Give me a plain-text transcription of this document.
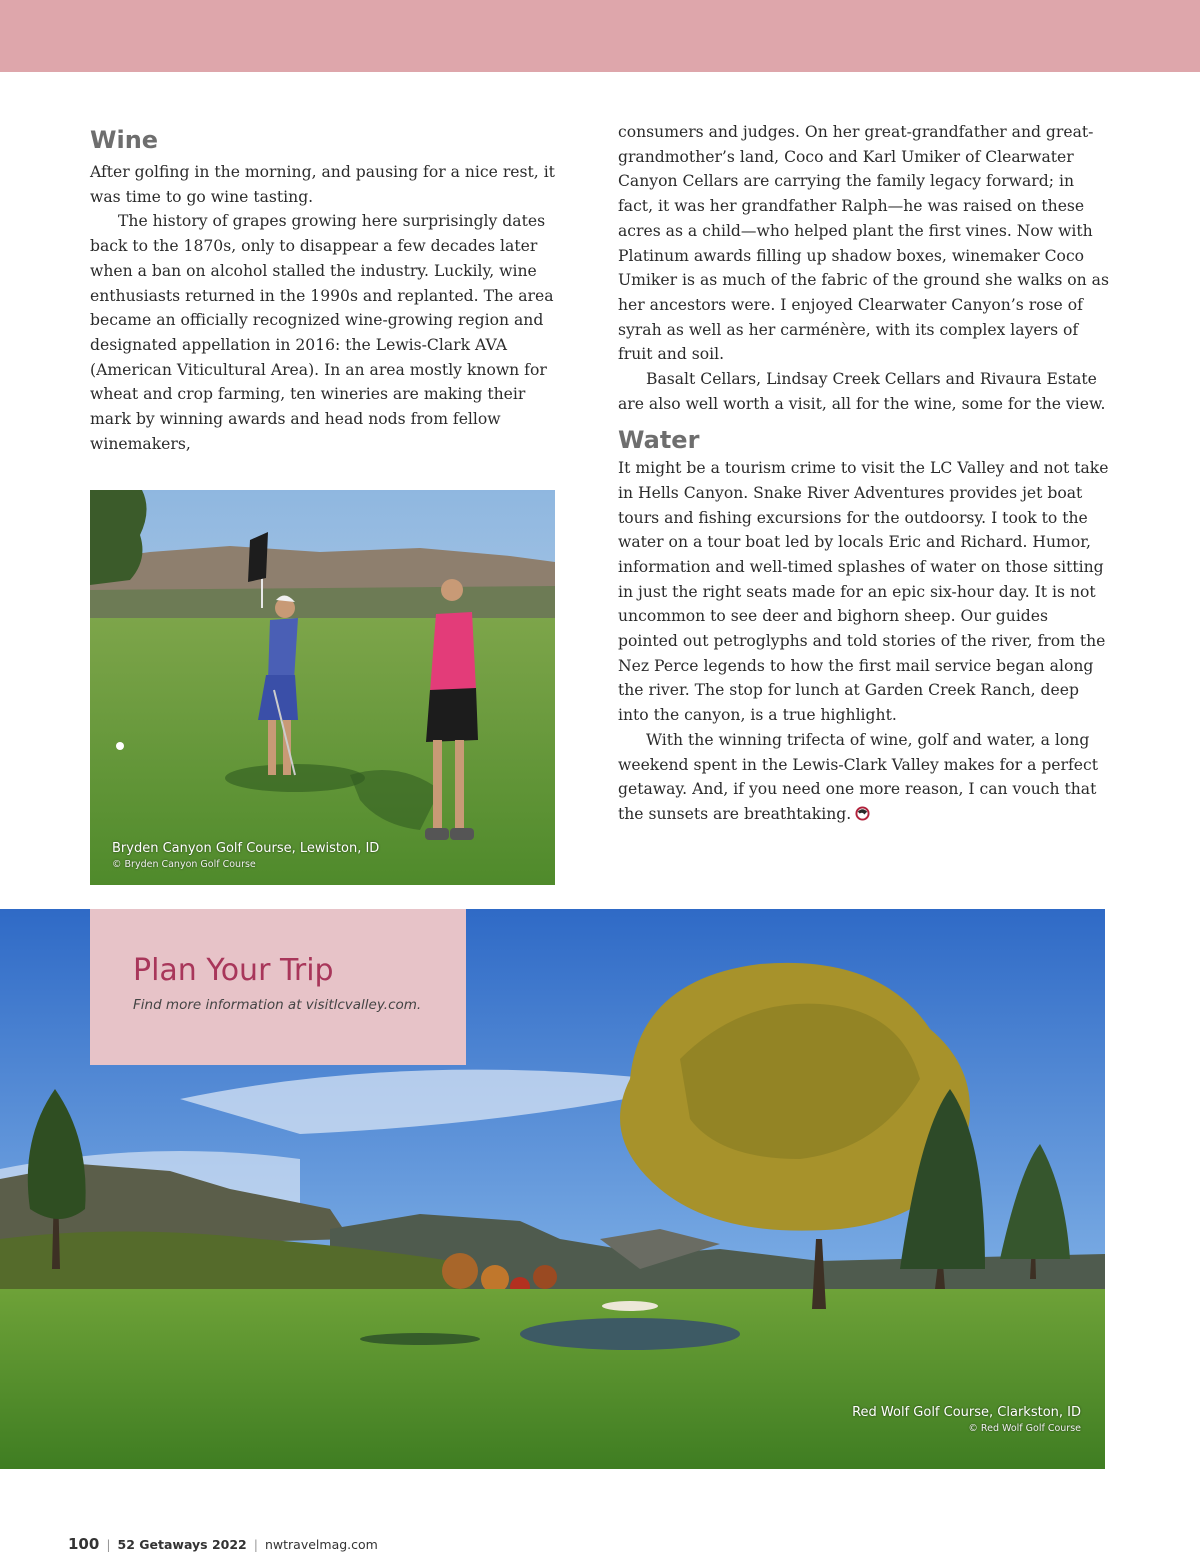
Wine

After golfing in the morning, and pausing for a nice rest, it was time to go wine tasting.

The history of grapes growing here surprisingly dates back to the 1870s, only to disappear a few decades later when a ban on alcohol stalled the industry. Luckily, wine enthusiasts returned in the 1990s and replanted. The area became an officially recognized wine-growing region and designated appellation in 2016: the Lewis-Clark AVA (American Viticultural Area). In an area mostly known for wheat and crop farming, ten wineries are making their mark by winning awards and head nods from fellow winemakers,

consumers and judges. On her great-grandfather and great-grandmother’s land, Coco and Karl Umiker of Clearwater Canyon Cellars are carrying the family legacy forward; in fact, it was her grandfather Ralph—he was raised on these acres as a child—who helped plant the first vines. Now with Platinum awards filling up shadow boxes, winemaker Coco Umiker is as much of the fabric of the ground she walks on as her ancestors were. I enjoyed Clearwater Canyon’s rose of syrah as well as her carménère, with its complex layers of fruit and soil.

Basalt Cellars, Lindsay Creek Cellars and Rivaura Estate are also well worth a visit, all for the wine, some for the view.

Water

It might be a tourism crime to visit the LC Valley and not take in Hells Canyon. Snake River Adventures provides jet boat tours and fishing excursions for the outdoorsy. I took to the water on a tour boat led by locals Eric and Richard. Humor, information and well-timed splashes of water on those sitting in just the right seats made for an epic six-hour day. It is not uncommon to see deer and bighorn sheep. Our guides pointed out petroglyphs and told stories of the river, from the Nez Perce legends to how the first mail service began along the river. The stop for lunch at Garden Creek Ranch, deep into the canyon, is a true highlight.

With the winning trifecta of wine, golf and water, a long weekend spent in the Lewis-Clark Valley makes for a perfect getaway. And, if you need one more reason, I can vouch that the sunsets are breathtaking.

Bryden Canyon Golf Course, Lewiston, ID
© Bryden Canyon Golf Course
Red Wolf Golf Course, Clarkston, ID
© Red Wolf Golf Course
Plan Your Trip
Find more information at visitlcvalley.com.
100 | 52 Getaways 2022 | nwtravelmag.com
